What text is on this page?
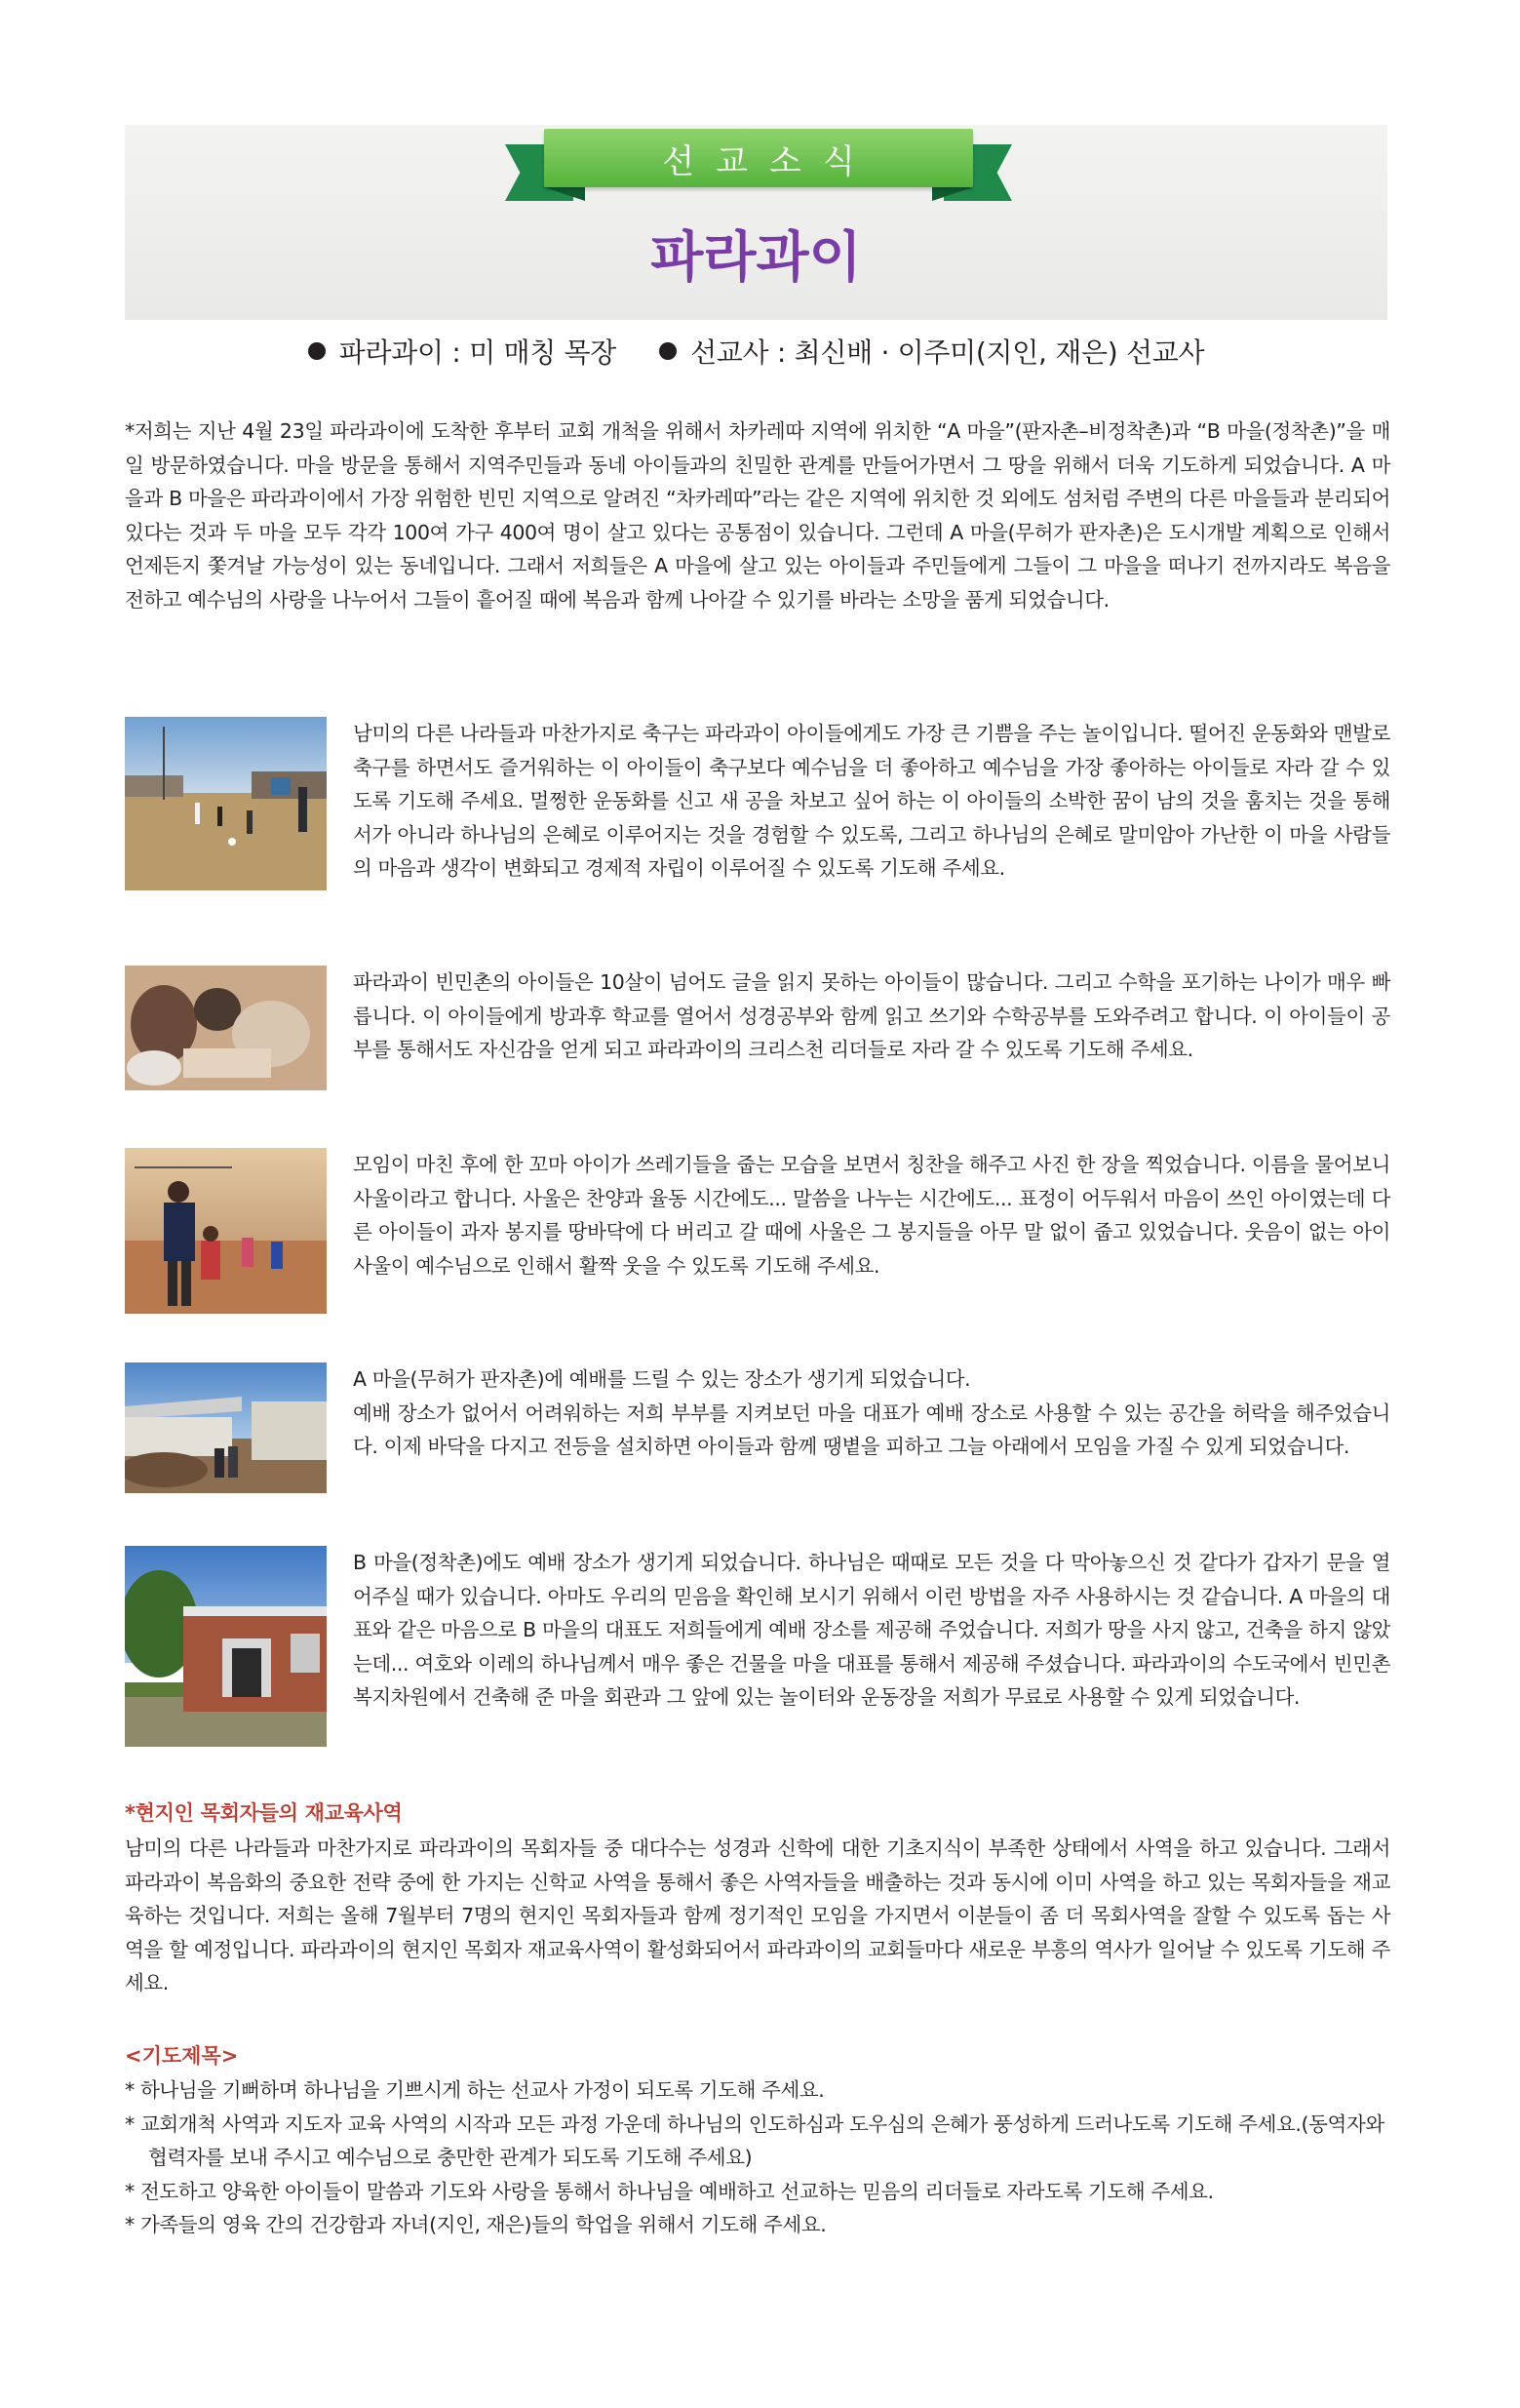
선교소식
파라과이
파라과이 : 미 매칭 목장	선교사 : 최신배 · 이주미(지인, 재은) 선교사

*저희는 지난 4월 23일 파라과이에 도착한 후부터 교회 개척을 위해서 차카레따 지역에 위치한 “A 마을”(판자촌–비정착촌)과 “B 마을(정착촌)”을 매일 방문하였습니다. 마을 방문을 통해서 지역주민들과 동네 아이들과의 친밀한 관계를 만들어가면서 그 땅을 위해서 더욱 기도하게 되었습니다. A 마을과 B 마을은 파라과이에서 가장 위험한 빈민 지역으로 알려진 “차카레따”라는 같은 지역에 위치한 것 외에도 섬처럼 주변의 다른 마을들과 분리되어 있다는 것과 두 마을 모두 각각 100여 가구 400여 명이 살고 있다는 공통점이 있습니다. 그런데 A 마을(무허가 판자촌)은 도시개발 계획으로 인해서 언제든지 쫓겨날 가능성이 있는 동네입니다. 그래서 저희들은 A 마을에 살고 있는 아이들과 주민들에게 그들이 그 마을을 떠나기 전까지라도 복음을 전하고 예수님의 사랑을 나누어서 그들이 흩어질 때에 복음과 함께 나아갈 수 있기를 바라는 소망을 품게 되었습니다.

남미의 다른 나라들과 마찬가지로 축구는 파라과이 아이들에게도 가장 큰 기쁨을 주는 놀이입니다. 떨어진 운동화와 맨발로 축구를 하면서도 즐거워하는 이 아이들이 축구보다 예수님을 더 좋아하고 예수님을 가장 좋아하는 아이들로 자라 갈 수 있도록 기도해 주세요. 멀쩡한 운동화를 신고 새 공을 차보고 싶어 하는 이 아이들의 소박한 꿈이 남의 것을 훔치는 것을 통해서가 아니라 하나님의 은혜로 이루어지는 것을 경험할 수 있도록, 그리고 하나님의 은혜로 말미암아 가난한 이 마을 사람들의 마음과 생각이 변화되고 경제적 자립이 이루어질 수 있도록 기도해 주세요.

파라과이 빈민촌의 아이들은 10살이 넘어도 글을 읽지 못하는 아이들이 많습니다. 그리고 수학을 포기하는 나이가 매우 빠릅니다. 이 아이들에게 방과후 학교를 열어서 성경공부와 함께 읽고 쓰기와 수학공부를 도와주려고 합니다. 이 아이들이 공부를 통해서도 자신감을 얻게 되고 파라과이의 크리스천 리더들로 자라 갈 수 있도록 기도해 주세요.

모임이 마친 후에 한 꼬마 아이가 쓰레기들을 줍는 모습을 보면서 칭찬을 해주고 사진 한 장을 찍었습니다. 이름을 물어보니 사울이라고 합니다. 사울은 찬양과 율동 시간에도... 말씀을 나누는 시간에도... 표정이 어두워서 마음이 쓰인 아이였는데 다른 아이들이 과자 봉지를 땅바닥에 다 버리고 갈 때에 사울은 그 봉지들을 아무 말 없이 줍고 있었습니다. 웃음이 없는 아이 사울이 예수님으로 인해서 활짝 웃을 수 있도록 기도해 주세요.

A 마을(무허가 판자촌)에 예배를 드릴 수 있는 장소가 생기게 되었습니다.
예배 장소가 없어서 어려워하는 저희 부부를 지켜보던 마을 대표가 예배 장소로 사용할 수 있는 공간을 허락을 해주었습니다. 이제 바닥을 다지고 전등을 설치하면 아이들과 함께 땡볕을 피하고 그늘 아래에서 모임을 가질 수 있게 되었습니다.

B 마을(정착촌)에도 예배 장소가 생기게 되었습니다. 하나님은 때때로 모든 것을 다 막아놓으신 것 같다가 갑자기 문을 열어주실 때가 있습니다. 아마도 우리의 믿음을 확인해 보시기 위해서 이런 방법을 자주 사용하시는 것 같습니다. A 마을의 대표와 같은 마음으로 B 마을의 대표도 저희들에게 예배 장소를 제공해 주었습니다. 저희가 땅을 사지 않고, 건축을 하지 않았는데... 여호와 이레의 하나님께서 매우 좋은 건물을 마을 대표를 통해서 제공해 주셨습니다. 파라과이의 수도국에서 빈민촌 복지차원에서 건축해 준 마을 회관과 그 앞에 있는 놀이터와 운동장을 저희가 무료로 사용할 수 있게 되었습니다.

*현지인 목회자들의 재교육사역

남미의 다른 나라들과 마찬가지로 파라과이의 목회자들 중 대다수는 성경과 신학에 대한 기초지식이 부족한 상태에서 사역을 하고 있습니다. 그래서 파라과이 복음화의 중요한 전략 중에 한 가지는 신학교 사역을 통해서 좋은 사역자들을 배출하는 것과 동시에 이미 사역을 하고 있는 목회자들을 재교육하는 것입니다. 저희는 올해 7월부터 7명의 현지인 목회자들과 함께 정기적인 모임을 가지면서 이분들이 좀 더 목회사역을 잘할 수 있도록 돕는 사역을 할 예정입니다. 파라과이의 현지인 목회자 재교육사역이 활성화되어서 파라과이의 교회들마다 새로운 부흥의 역사가 일어날 수 있도록 기도해 주세요.

<기도제목>
* 하나님을 기뻐하며 하나님을 기쁘시게 하는 선교사 가정이 되도록 기도해 주세요.
* 교회개척 사역과 지도자 교육 사역의 시작과 모든 과정 가운데 하나님의 인도하심과 도우심의 은혜가 풍성하게 드러나도록 기도해 주세요.(동역자와 협력자를 보내 주시고 예수님으로 충만한 관계가 되도록 기도해 주세요)
* 전도하고 양육한 아이들이 말씀과 기도와 사랑을 통해서 하나님을 예배하고 선교하는 믿음의 리더들로 자라도록 기도해 주세요.
* 가족들의 영육 간의 건강함과 자녀(지인, 재은)들의 학업을 위해서 기도해 주세요.
